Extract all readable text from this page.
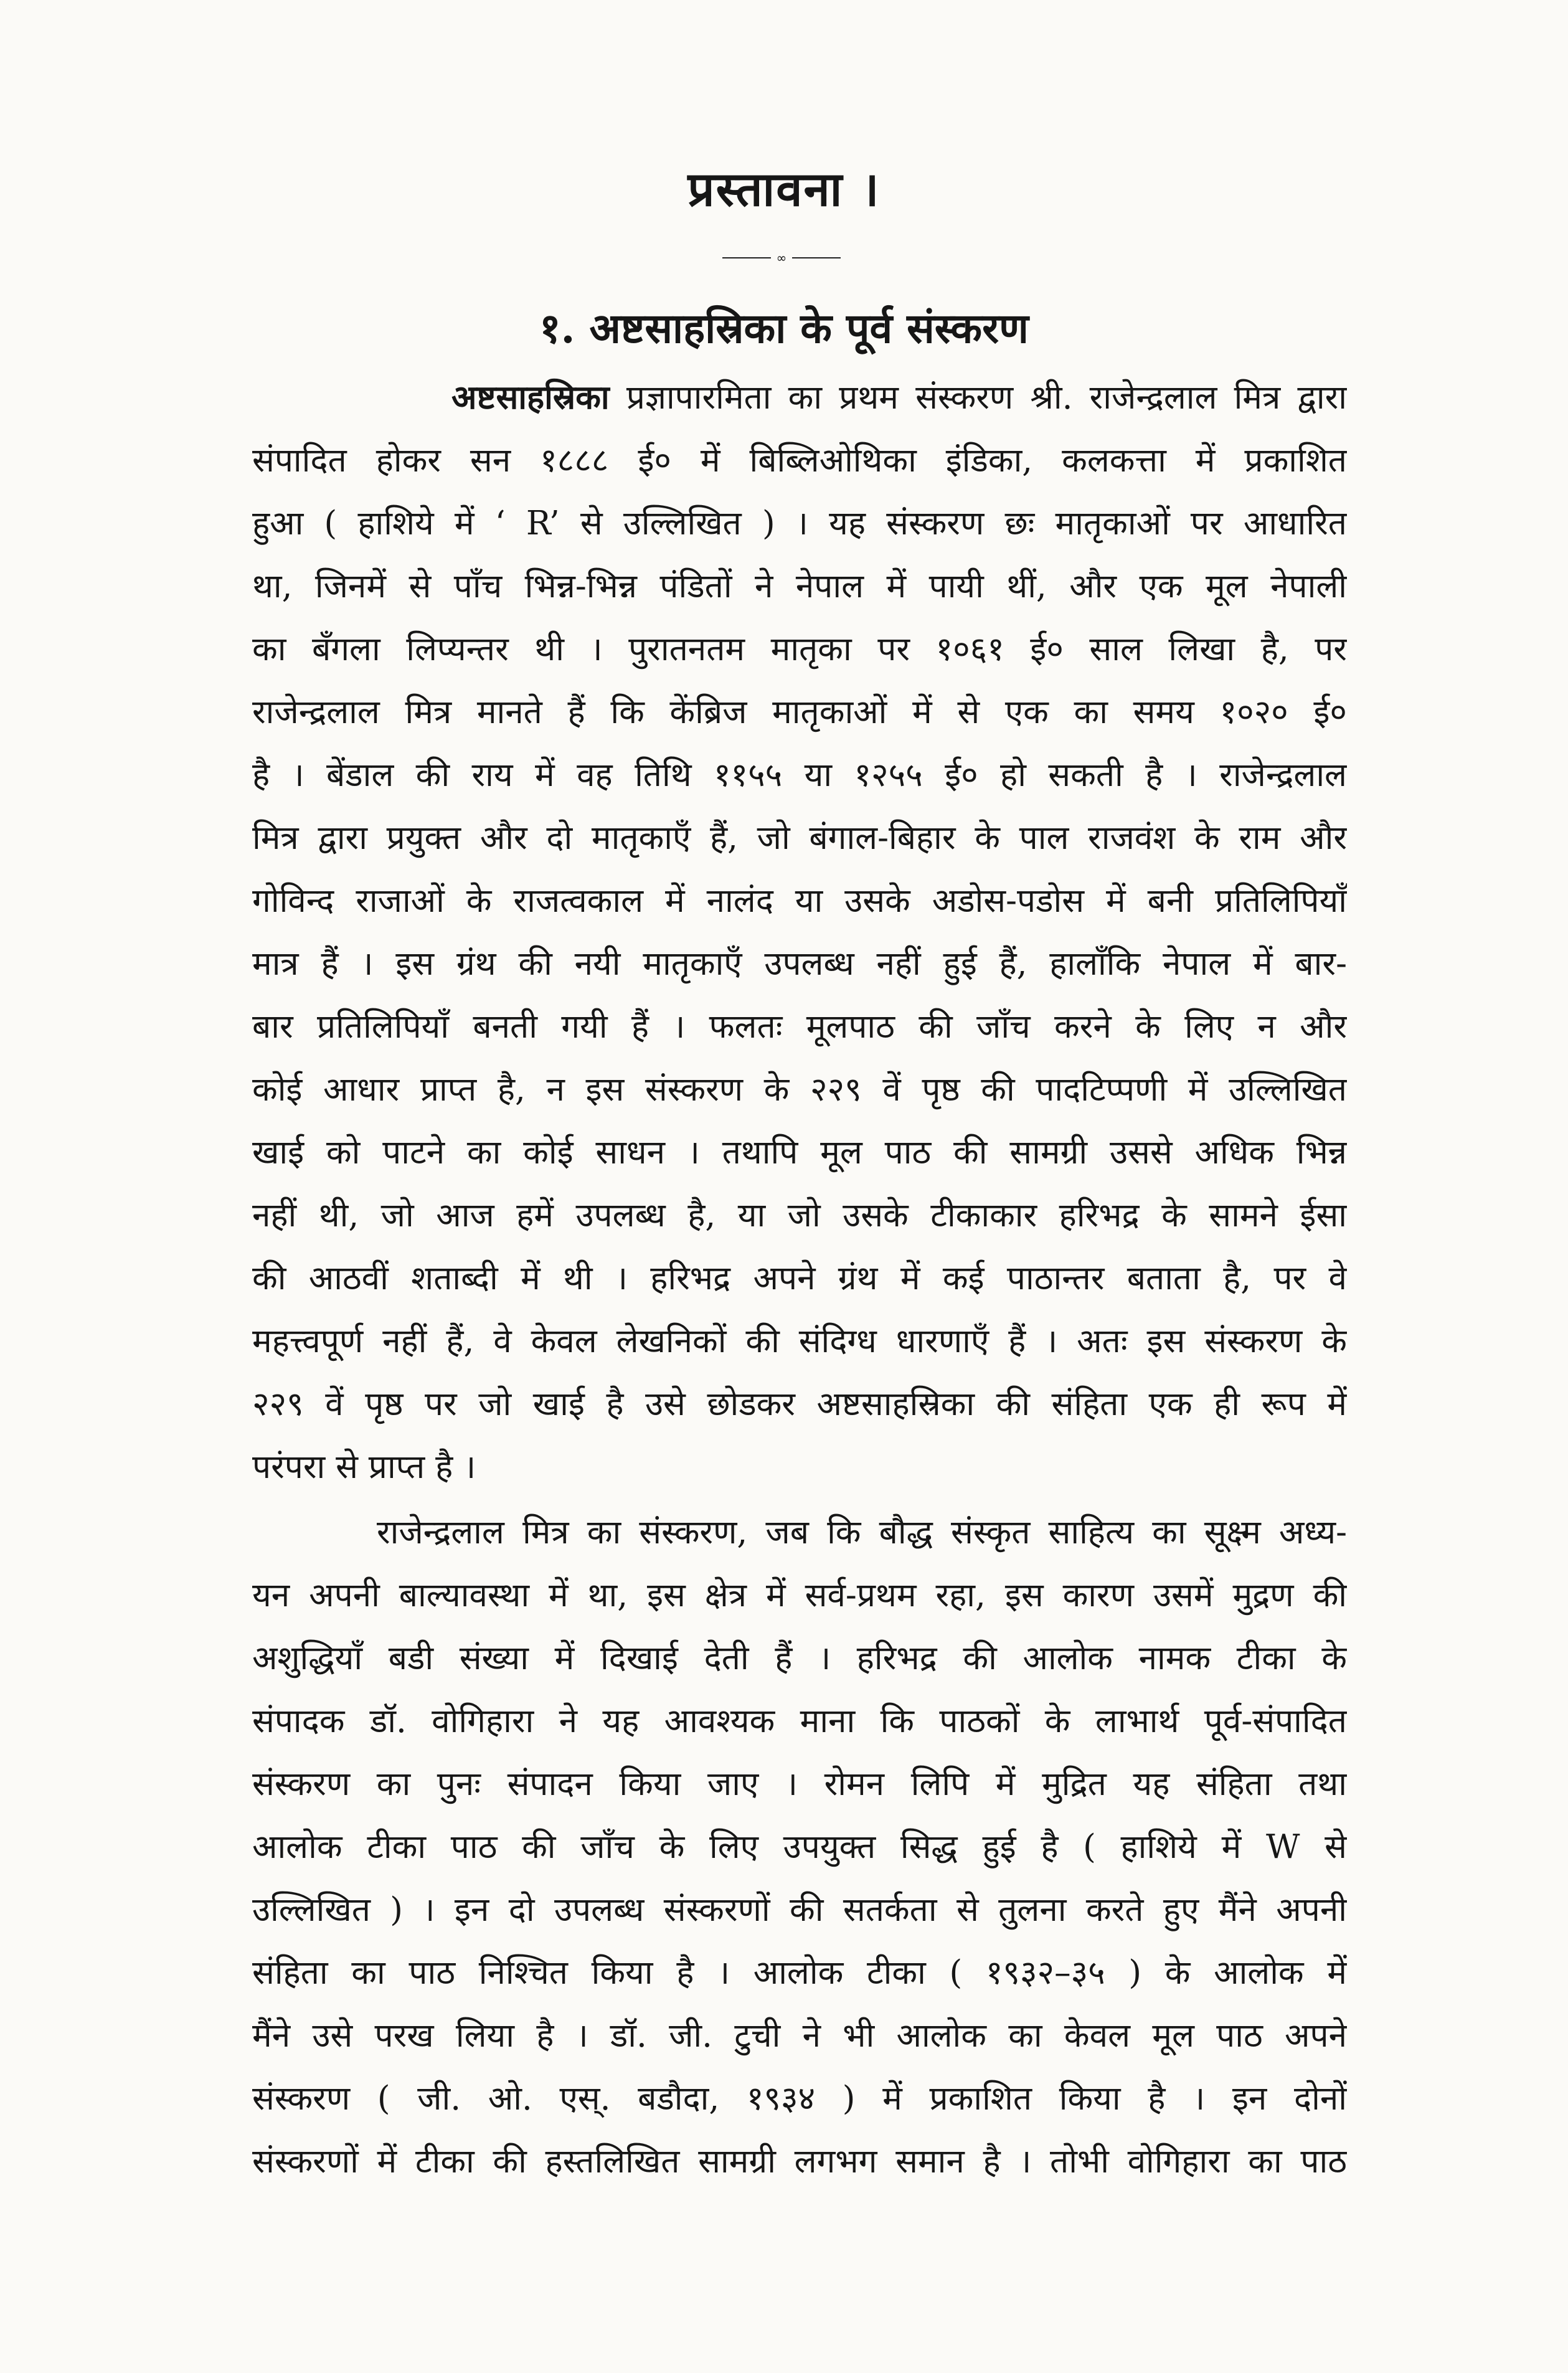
प्रस्तावना ।
∞
१. अष्टसाहस्रिका के पूर्व संस्करण

अष्टसाहस्रिका प्रज्ञापारमिता का प्रथम संस्करण श्री. राजेन्द्रलाल मित्र द्वारा

संपादित होकर सन १८८८ ई० में बिब्लिओथिका इंडिका, कलकत्ता में प्रकाशित

हुआ ( हाशिये में ‘ R’ से उल्लिखित ) । यह संस्करण छः मातृकाओं पर आधारित

था, जिनमें से पाँच भिन्न-भिन्न पंडितों ने नेपाल में पायी थीं, और एक मूल नेपाली

का बँगला लिप्यन्तर थी । पुरातनतम मातृका पर १०६१ ई० साल लिखा है, पर

राजेन्द्रलाल मित्र मानते हैं कि केंब्रिज मातृकाओं में से एक का समय १०२० ई०

है । बेंडाल की राय में वह तिथि ११५५ या १२५५ ई० हो सकती है । राजेन्द्रलाल

मित्र द्वारा प्रयुक्त और दो मातृकाएँ हैं, जो बंगाल-बिहार के पाल राजवंश के राम और

गोविन्द राजाओं के राजत्वकाल में नालंद या उसके अडोस-पडोस में बनी प्रतिलिपियाँ

मात्र हैं । इस ग्रंथ की नयी मातृकाएँ उपलब्ध नहीं हुई हैं, हालाँकि नेपाल में बार-

बार प्रतिलिपियाँ बनती गयी हैं । फलतः मूलपाठ की जाँच करने के लिए न और

कोई आधार प्राप्त है, न इस संस्करण के २२९ वें पृष्ठ की पादटिप्पणी में उल्लिखित

खाई को पाटने का कोई साधन । तथापि मूल पाठ की सामग्री उससे अधिक भिन्न

नहीं थी, जो आज हमें उपलब्ध है, या जो उसके टीकाकार हरिभद्र के सामने ईसा

की आठवीं शताब्दी में थी । हरिभद्र अपने ग्रंथ में कई पाठान्तर बताता है, पर वे

महत्त्वपूर्ण नहीं हैं, वे केवल लेखनिकों की संदिग्ध धारणाएँ हैं । अतः इस संस्करण के

२२९ वें पृष्ठ पर जो खाई है उसे छोडकर अष्टसाहस्रिका की संहिता एक ही रूप में

परंपरा से प्राप्त है ।

राजेन्द्रलाल मित्र का संस्करण, जब कि बौद्ध संस्कृत साहित्य का सूक्ष्म अध्य-

यन अपनी बाल्यावस्था में था, इस क्षेत्र में सर्व-प्रथम रहा, इस कारण उसमें मुद्रण की

अशुद्धियाँ बडी संख्या में दिखाई देती हैं । हरिभद्र की आलोक नामक टीका के

संपादक डॉ. वोगिहारा ने यह आवश्यक माना कि पाठकों के लाभार्थ पूर्व-संपादित

संस्करण का पुनः संपादन किया जाए । रोमन लिपि में मुद्रित यह संहिता तथा

आलोक टीका पाठ की जाँच के लिए उपयुक्त सिद्ध हुई है ( हाशिये में W से

उल्लिखित ) । इन दो उपलब्ध संस्करणों की सतर्कता से तुलना करते हुए मैंने अपनी

संहिता का पाठ निश्चित किया है । आलोक टीका ( १९३२–३५ ) के आलोक में

मैंने उसे परख लिया है । डॉ. जी. टुची ने भी आलोक का केवल मूल पाठ अपने

संस्करण ( जी. ओ. एस्. बडौदा, १९३४ ) में प्रकाशित किया है । इन दोनों

संस्करणों में टीका की हस्तलिखित सामग्री लगभग समान है । तोभी वोगिहारा का पाठ
